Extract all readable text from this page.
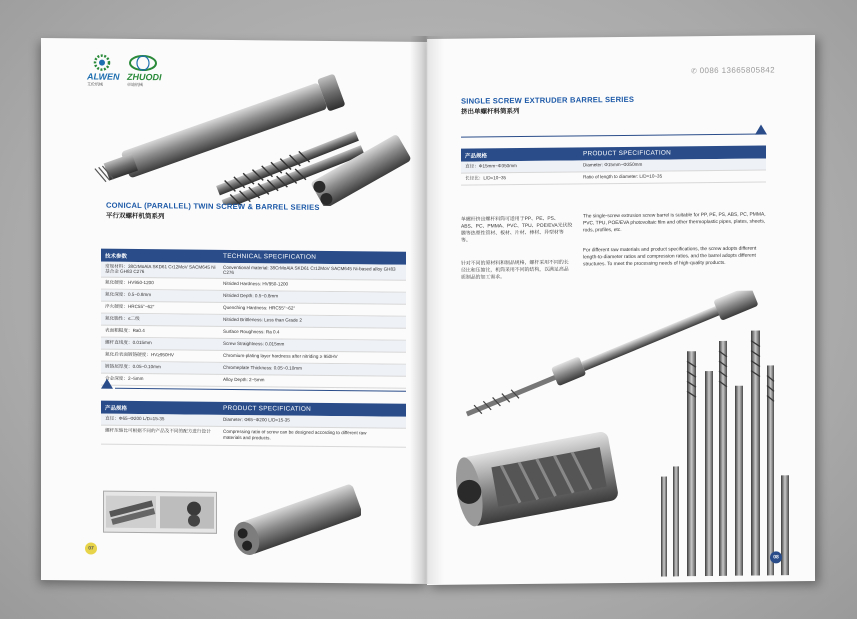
ALWEN
艾伦机械
ZHUODI
卓迪机械
CONICAL (PARALLEL) TWIN SCREW & BARREL SERIES
平行双螺杆机筒系列
技术参数	TECHNICAL SPECIFICATION
常规材料：38CrMoAlA SKD61 Cr12MoV SACM645 Ni 基合金 GH83 C276	Conventional material: 38CrMoAlA SKD61 Cr12MoV SACM645 Ni-based alloy GH83 C276
氮化硬度：HV950-1200	Nitrided Hardness: HV950-1200
氮化深度：0.5~0.8mm	Nitrided Depth: 0.5~0.8mm
淬火硬度：HRC55°~62°	Quenching Hardness: HRC55°~62°
氮化脆性：≤二级	Nitrided Brittleness: Less than Grade 2
表面粗糙度：Ra0.4	Surface Roughness: Ra 0.4
螺杆直线度：0.015mm	Screw Straightness: 0.015mm
氮化后表面镀铬硬度：HV≥950HV	Chromium-plating layer hardness after nitriding ≥ 950HV
镀铬层厚度：0.05~0.10mm	Chromeplate Thickness: 0.05~0.10mm
合金深度：2~5mm	Alloy Depth: 2~5mm
产品规格	PRODUCT SPECIFICATION
直径：Φ65~Φ200 L/D=15-35	Diameter: Φ65~Φ200 L/D=15-35
螺杆压缩比可根据不同的产品及不同的配方进行设计	Compressing ratio of screw can be designed according to different raw materials and products.
07
✆ 0086 13665805842
SINGLE SCREW EXTRUDER BARREL SERIES
挤出单螺杆料筒系列
产品规格	PRODUCT SPECIFICATION
直径：Φ15mm~Φ350mm	Diameter: Φ15mm~Φ350mm
长径比：L/D=10~35	Ratio of length to diameter: L/D=10~35
单螺杆挤出螺杆料筒可适用于PP、PE、PS、ABS、PC、PMMA、PVC、TPU、POE/EVA光伏胶膜等热塑性管材、板材、片材、棒材、异型材等等。
针对不同的原材料和制品规格，螺杆采用不同的长径比和压缩比，机筒采用不同的结构，以满足高品质制品的加工需求。
The single-screw extrusion screw barrel is suitable for PP, PE, PS, ABS, PC, PMMA, PVC, TPU, POE/EVA photovoltaic film and other thermoplastic pipes, plates, sheets, rods, profiles, etc.
For different raw materials and product specifications, the screw adopts different length-to-diameter ratios and compression ratios, and the barrel adopts different structures. To meet the processing needs of high-quality products.
08
